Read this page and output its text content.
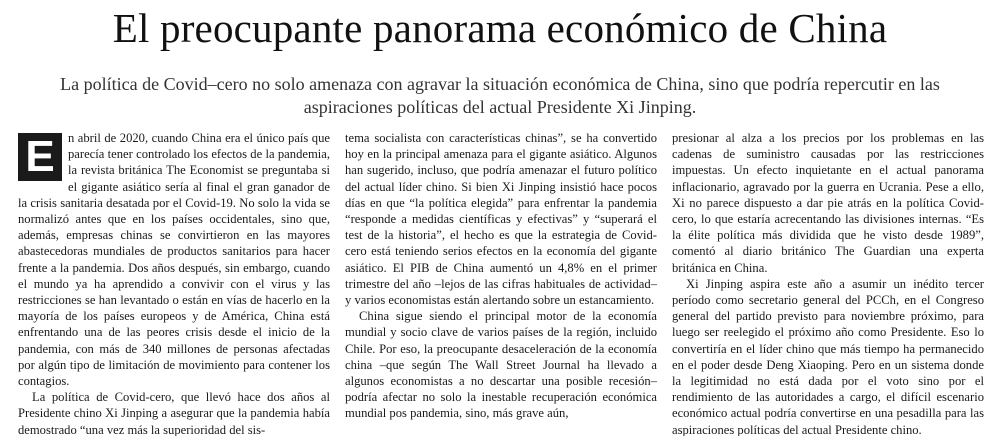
El preocupante panorama económico de China

La política de Covid–cero no solo amenaza con agravar la situación económica de China, sino que podría repercutir en las aspiraciones políticas del actual Presidente Xi Jinping.

E	n abril de 2020, cuando China era el único país que parecía tener controlado los efectos de la pandemia, la revista británica The Economist se preguntaba si el gigante asiático sería al final el gran ganador de la crisis sanitaria desatada por el Covid-19. No solo la vida se normalizó antes que en los países occidentales, sino que, además, empresas chinas se convirtieron en las mayores abastecedoras mundiales de productos sanitarios para hacer frente a la pandemia. Dos años después, sin embargo, cuando el mundo ya ha aprendido a convivir con el virus y las restricciones se han levantado o están en vías de hacerlo en la mayoría de los países europeos y de América, China está enfrentando una de las peores crisis desde el inicio de la pandemia, con más de 340 millones de personas afectadas por algún tipo de limitación de movimiento para contener los contagios.

La política de Covid-cero, que llevó hace dos años al Presidente chino Xi Jinping a asegurar que la pandemia había demostrado “una vez más la superioridad del sis-

tema socialista con características chinas”, se ha convertido hoy en la principal amenaza para el gigante asiático. Algunos han sugerido, incluso, que podría amenazar el futuro político del actual líder chino. Si bien Xi Jinping insistió hace pocos días en que “la política elegida” para enfrentar la pandemia “responde a medidas científicas y efectivas” y “superará el test de la historia”, el hecho es que la estrategia de Covid-cero está teniendo serios efectos en la economía del gigante asiático. El PIB de China aumentó un 4,8% en el primer trimestre del año –lejos de las cifras habituales de actividad– y varios economistas están alertando sobre un estancamiento.

China sigue siendo el principal motor de la economía mundial y socio clave de varios países de la región, incluido Chile. Por eso, la preocupante desaceleración de la economía china –que según The Wall Street Journal ha llevado a algunos economistas a no descartar una posible recesión– podría afectar no solo la inestable recuperación económica mundial pos pandemia, sino, más grave aún,

presionar al alza a los precios por los problemas en las cadenas de suministro causadas por las restricciones impuestas. Un efecto inquietante en el actual panorama inflacionario, agravado por la guerra en Ucrania. Pese a ello, Xi no parece dispuesto a dar pie atrás en la política Covid-cero, lo que estaría acrecentando las divisiones internas. “Es la élite política más dividida que he visto desde 1989”, comentó al diario británico The Guardian una experta británica en China.

Xi Jinping aspira este año a asumir un inédito tercer período como secretario general del PCCh, en el Congreso general del partido previsto para noviembre próximo, para luego ser reelegido el próximo año como Presidente. Eso lo convertiría en el líder chino que más tiempo ha permanecido en el poder desde Deng Xiaoping. Pero en un sistema donde la legitimidad no está dada por el voto sino por el rendimiento de las autoridades a cargo, el difícil escenario económico actual podría convertirse en una pesadilla para las aspiraciones políticas del actual Presidente chino.
